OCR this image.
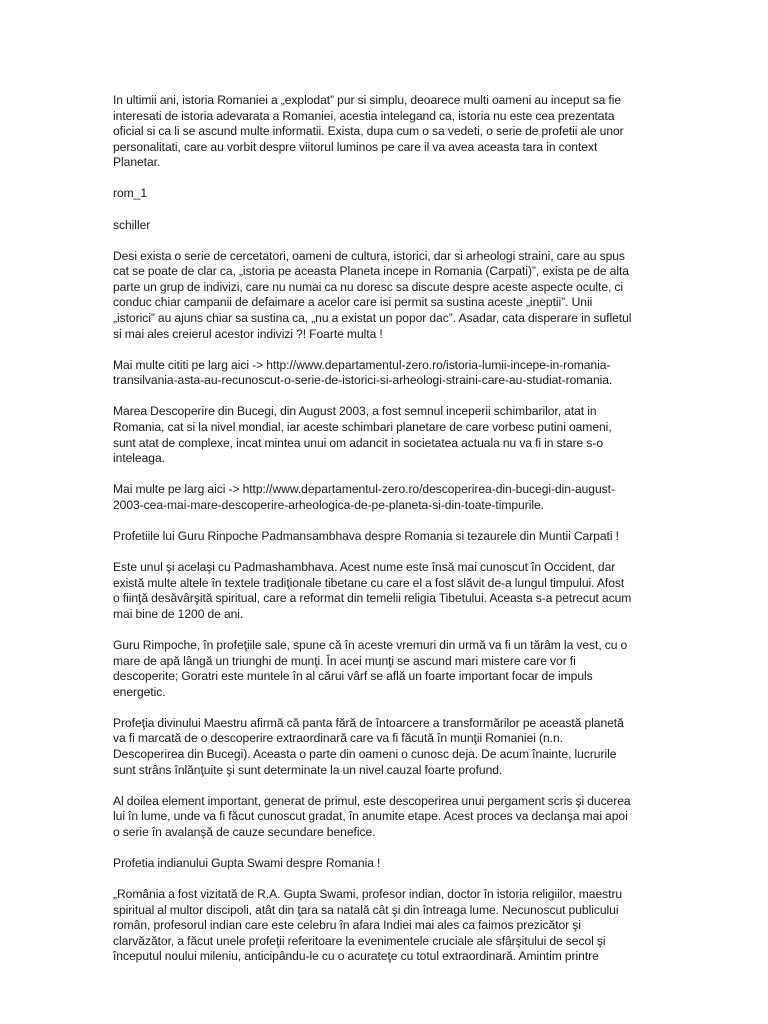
In ultimii ani, istoria Romaniei a „explodat” pur si simplu, deoarece multi oameni au inceput sa fie interesati de istoria adevarata a Romaniei, acestia intelegand ca, istoria nu este cea prezentata oficial si ca li se ascund multe informatii. Exista, dupa cum o sa vedeti, o serie de profetii ale unor personalitati, care au vorbit despre viitorul luminos pe care il va avea aceasta tara in context Planetar.

rom_1

schiller

Desi exista o serie de cercetatori, oameni de cultura, istorici, dar si arheologi straini, care au spus cat se poate de clar ca, „istoria pe aceasta Planeta incepe in Romania (Carpati)”, exista pe de alta parte un grup de indivizi, care nu numai ca nu doresc sa discute despre aceste aspecte oculte, ci conduc chiar campanii de defaimare a acelor care isi permit sa sustina aceste „ineptii”. Unii „istorici” au ajuns chiar sa sustina ca, „nu a existat un popor dac”. Asadar, cata disperare in sufletul si mai ales creierul acestor indivizi ?! Foarte multa !

Mai multe cititi pe larg aici -> http://www.departamentul-zero.ro/istoria-lumii-incepe-in-romania-transilvania-asta-au-recunoscut-o-serie-de-istorici-si-arheologi-straini-care-au-studiat-romania.

Marea Descoperire din Bucegi, din August 2003, a fost semnul inceperii schimbarilor, atat in Romania, cat si la nivel mondial, iar aceste schimbari planetare de care vorbesc putini oameni, sunt atat de complexe, incat mintea unui om adancit in societatea actuala nu va fi in stare s-o inteleaga.

Mai multe pe larg aici -> http://www.departamentul-zero.ro/descoperirea-din-bucegi-din-august-2003-cea-mai-mare-descoperire-arheologica-de-pe-planeta-si-din-toate-timpurile.

Profetiile lui Guru Rinpoche Padmansambhava despre Romania si tezaurele din Muntii Carpati !

Este unul şi acelaşi cu Padmashambhava. Acest nume este însă mai cunoscut în Occident, dar există multe altele în textele tradiţionale tibetane cu care el a fost slăvit de-a lungul timpului. Afost o fiinţă desăvârşită spiritual, care a reformat din temelii religia Tibetului. Aceasta s-a petrecut acum mai bine de 1200 de ani.

Guru Rimpoche, în profeţiile sale, spune că în aceste vremuri din urmă va fi un tărâm la vest, cu o mare de apă lângă un triunghi de munţi. În acei munţi se ascund mari mistere care vor fi descoperite; Goratri este muntele în al cărui vârf se află un foarte important focar de impuls energetic.

Profeţia divinului Maestru afirmă că panta fără de întoarcere a transformărilor pe această planetă va fi marcată de o descoperire extraordinară care va fi făcută în munţii Romaniei (n.n. Descoperirea din Bucegi). Aceasta o parte din oameni o cunosc deja. De acum înainte, lucrurile sunt strâns înlănţuite şi sunt determinate la un nivel cauzal foarte profund.

Al doilea element important, generat de primul, este descoperirea unui pergament scris şi ducerea lui în lume, unde va fi făcut cunoscut gradat, în anumite etape. Acest proces va declanşa mai apoi o serie în avalanşă de cauze secundare benefice.

Profetia indianului Gupta Swami despre Romania !

„România a fost vizitată de R.A. Gupta Swami, profesor indian, doctor în istoria religiilor, maestru spiritual al multor discipoli, atât din ţara sa natală cât şi din întreaga lume. Necunoscut publicului român, profesorul indian care este celebru în afara Indiei mai ales ca faimos prezicător şi clarvăzător, a făcut unele profeţii referitoare la evenimentele cruciale ale sfârşitului de secol şi începutul noului mileniu, anticipându-le cu o acurateţe cu totul extraordinară. Amintim printre
